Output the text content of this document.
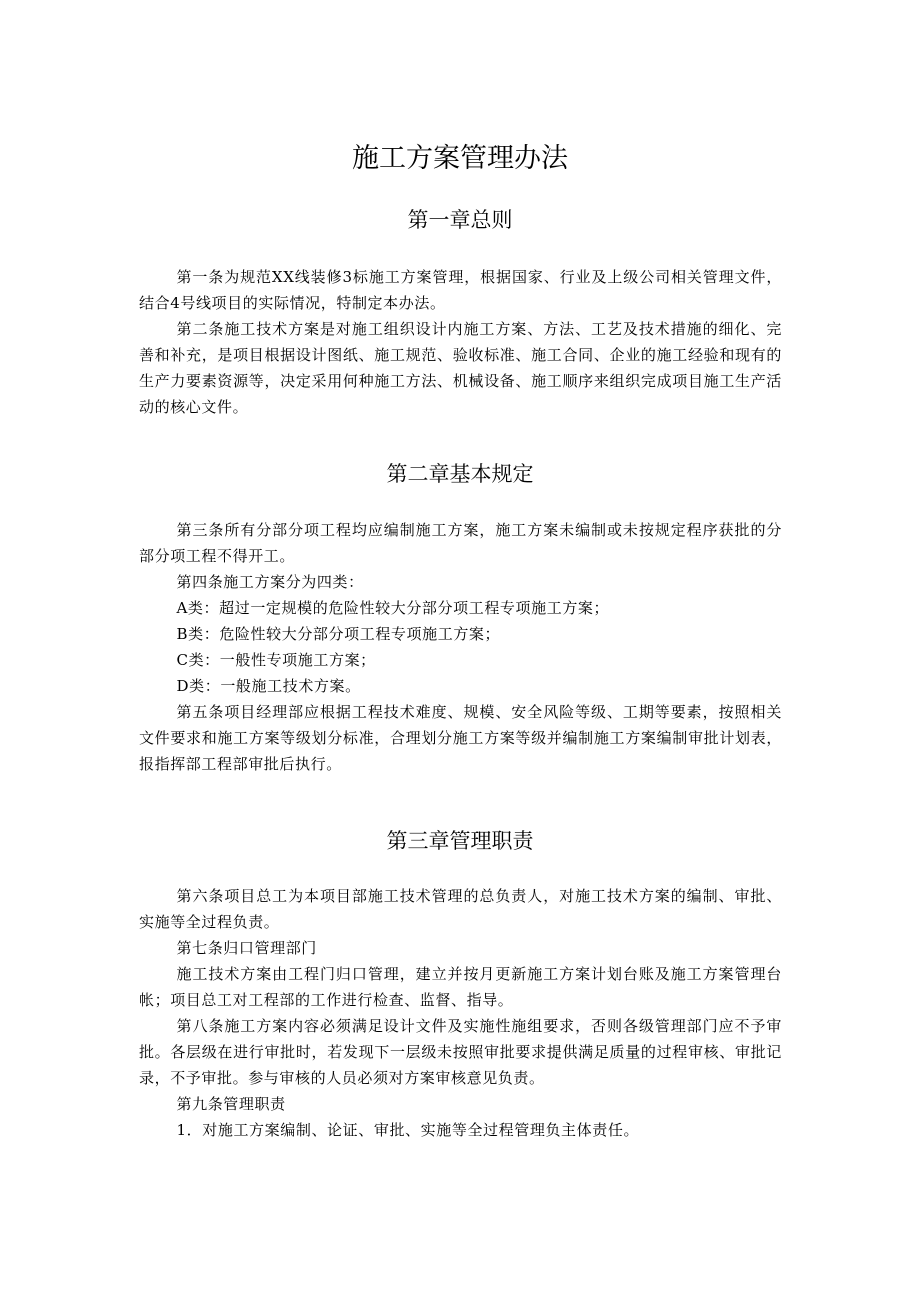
施工方案管理办法
第一章总则

第一条为规范XX线装修3标施工方案管理，根据国家、行业及上级公司相关管理文件，结合4号线项目的实际情况，特制定本办法。

第二条施工技术方案是对施工组织设计内施工方案、方法、工艺及技术措施的细化、完善和补充，是项目根据设计图纸、施工规范、验收标准、施工合同、企业的施工经验和现有的生产力要素资源等，决定采用何种施工方法、机械设备、施工顺序来组织完成项目施工生产活动的核心文件。

第二章基本规定

第三条所有分部分项工程均应编制施工方案，施工方案未编制或未按规定程序获批的分部分项工程不得开工。

第四条施工方案分为四类：

A类：超过一定规模的危险性较大分部分项工程专项施工方案；

B类：危险性较大分部分项工程专项施工方案；

C类：一般性专项施工方案；

D类：一般施工技术方案。

第五条项目经理部应根据工程技术难度、规模、安全风险等级、工期等要素，按照相关文件要求和施工方案等级划分标准，合理划分施工方案等级并编制施工方案编制审批计划表，报指挥部工程部审批后执行。

第三章管理职责

第六条项目总工为本项目部施工技术管理的总负责人，对施工技术方案的编制、审批、实施等全过程负责。

第七条归口管理部门

施工技术方案由工程门归口管理，建立并按月更新施工方案计划台账及施工方案管理台帐；项目总工对工程部的工作进行检查、监督、指导。

第八条施工方案内容必须满足设计文件及实施性施组要求，否则各级管理部门应不予审批。各层级在进行审批时，若发现下一层级未按照审批要求提供满足质量的过程审核、审批记录，不予审批。参与审核的人员必须对方案审核意见负责。

第九条管理职责

1．对施工方案编制、论证、审批、实施等全过程管理负主体责任。
